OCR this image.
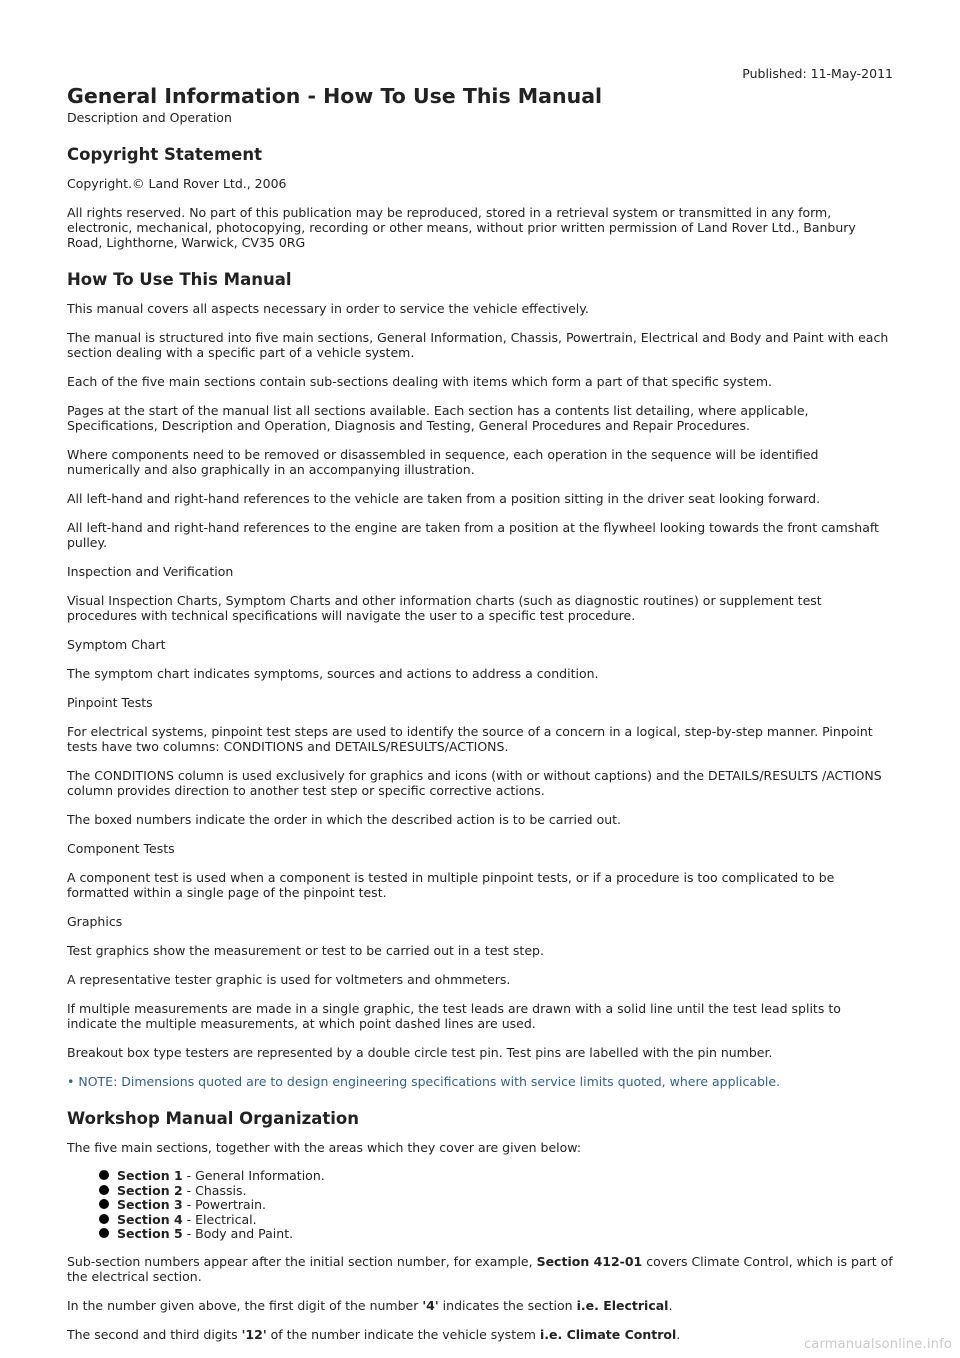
Published: 11-May-2011
General Information - How To Use This Manual
Description and Operation
Copyright Statement

Copyright.© Land Rover Ltd., 2006

All rights reserved. No part of this publication may be reproduced, stored in a retrieval system or transmitted in any form, electronic, mechanical, photocopying, recording or other means, without prior written permission of Land Rover Ltd., Banbury Road, Lighthorne, Warwick, CV35 0RG

How To Use This Manual

This manual covers all aspects necessary in order to service the vehicle effectively.

The manual is structured into five main sections, General Information, Chassis, Powertrain, Electrical and Body and Paint with each section dealing with a specific part of a vehicle system.

Each of the five main sections contain sub-sections dealing with items which form a part of that specific system.

Pages at the start of the manual list all sections available. Each section has a contents list detailing, where applicable, Specifications, Description and Operation, Diagnosis and Testing, General Procedures and Repair Procedures.

Where components need to be removed or disassembled in sequence, each operation in the sequence will be identified numerically and also graphically in an accompanying illustration.

All left-hand and right-hand references to the vehicle are taken from a position sitting in the driver seat looking forward.

All left-hand and right-hand references to the engine are taken from a position at the flywheel looking towards the front camshaft pulley.

Inspection and Verification

Visual Inspection Charts, Symptom Charts and other information charts (such as diagnostic routines) or supplement test procedures with technical specifications will navigate the user to a specific test procedure.

Symptom Chart

The symptom chart indicates symptoms, sources and actions to address a condition.

Pinpoint Tests

For electrical systems, pinpoint test steps are used to identify the source of a concern in a logical, step-by-step manner. Pinpoint tests have two columns: CONDITIONS and DETAILS/RESULTS/ACTIONS.

The CONDITIONS column is used exclusively for graphics and icons (with or without captions) and the DETAILS/RESULTS /ACTIONS column provides direction to another test step or specific corrective actions.

The boxed numbers indicate the order in which the described action is to be carried out.

Component Tests

A component test is used when a component is tested in multiple pinpoint tests, or if a procedure is too complicated to be formatted within a single page of the pinpoint test.

Graphics

Test graphics show the measurement or test to be carried out in a test step.

A representative tester graphic is used for voltmeters and ohmmeters.

If multiple measurements are made in a single graphic, the test leads are drawn with a solid line until the test lead splits to indicate the multiple measurements, at which point dashed lines are used.

Breakout box type testers are represented by a double circle test pin. Test pins are labelled with the pin number.

• NOTE: Dimensions quoted are to design engineering specifications with service limits quoted, where applicable.

Workshop Manual Organization

The five main sections, together with the areas which they cover are given below:

Section 1 - General Information.
Section 2 - Chassis.
Section 3 - Powertrain.
Section 4 - Electrical.
Section 5 - Body and Paint.

Sub-section numbers appear after the initial section number, for example, Section 412-01 covers Climate Control, which is part of the electrical section.

In the number given above, the first digit of the number '4' indicates the section i.e. Electrical.

The second and third digits '12' of the number indicate the vehicle system i.e. Climate Control.

carmanualsonline.info
